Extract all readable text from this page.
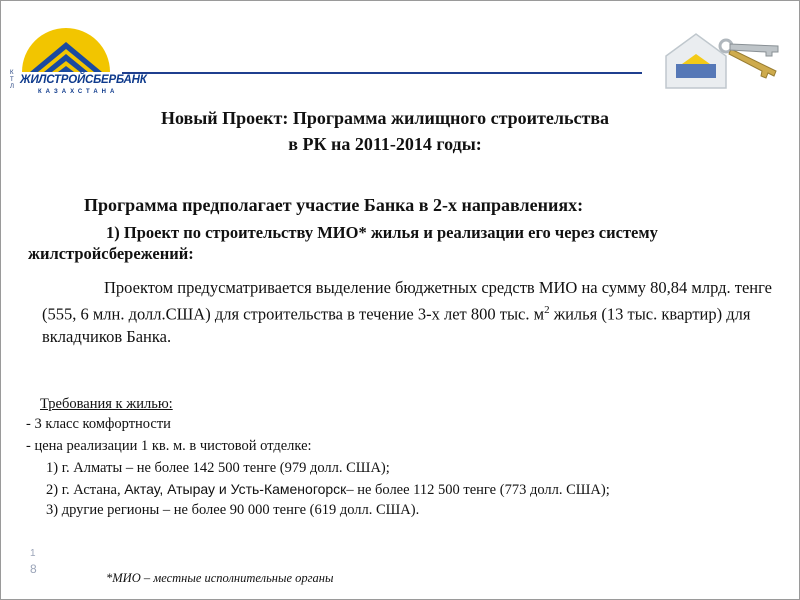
К
Т
Л
ЖИЛСТРОЙСБЕРБАНК
КАЗАХСТАНА
Новый Проект: Программа жилищного строительства
в РК на 2011-2014 годы:
Программа предполагает участие Банка в 2-х направлениях:
1) Проект по строительству МИО* жилья и реализации его через систему жилстройсбережений:
Проектом предусматривается выделение бюджетных средств МИО на сумму 80,84 млрд. тенге (555, 6 млн. долл.США) для строительства в течение 3-х лет 800 тыс. $м^2$ жилья (13 тыс. квартир) для вкладчиков Банка.
Требования к жилью:
- 3 класс комфортности
- цена реализации 1 кв. м. в чистовой отделке:
1) г. Алматы – не более 142 500 тенге (979 долл. США);
2) г. Астана, Актау, Атырау и Усть-Каменогорск– не более 112 500 тенге (773 долл. США);
3) другие регионы – не более 90 000 тенге (619 долл. США).
1
8
*МИО – местные исполнительные органы
